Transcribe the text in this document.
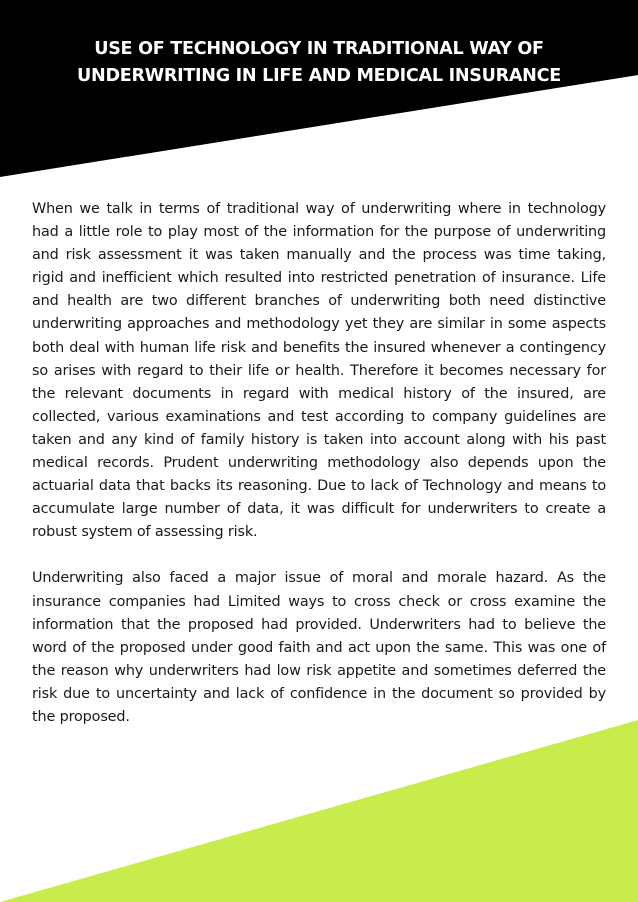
USE OF TECHNOLOGY IN TRADITIONAL WAY OF
UNDERWRITING IN LIFE AND MEDICAL INSURANCE

When we talk in terms of traditional way of underwriting where in technology had a little role to play most of the information for the purpose of underwriting and risk assessment it was taken manually and the process was time taking, rigid and inefficient which resulted into restricted penetration of insurance. Life and health are two different branches of underwriting both need distinctive underwriting approaches and methodology yet they are similar in some aspects both deal with human life risk and benefits the insured whenever a contingency so arises with regard to their life or health. Therefore it becomes necessary for the relevant documents in regard with medical history of the insured, are collected, various examinations and test according to company guidelines are taken and any kind of family history is taken into account along with his past medical records. Prudent underwriting methodology also depends upon the actuarial data that backs its reasoning. Due to lack of Technology and means to accumulate large number of data, it was difficult for underwriters to create a robust system of assessing risk.

Underwriting also faced a major issue of moral and morale hazard. As the insurance companies had Limited ways to cross check or cross examine the information that the proposed had provided. Underwriters had to believe the word of the proposed under good faith and act upon the same. This was one of the reason why underwriters had low risk appetite and sometimes deferred the risk due to uncertainty and lack of confidence in the document so provided by the proposed.
